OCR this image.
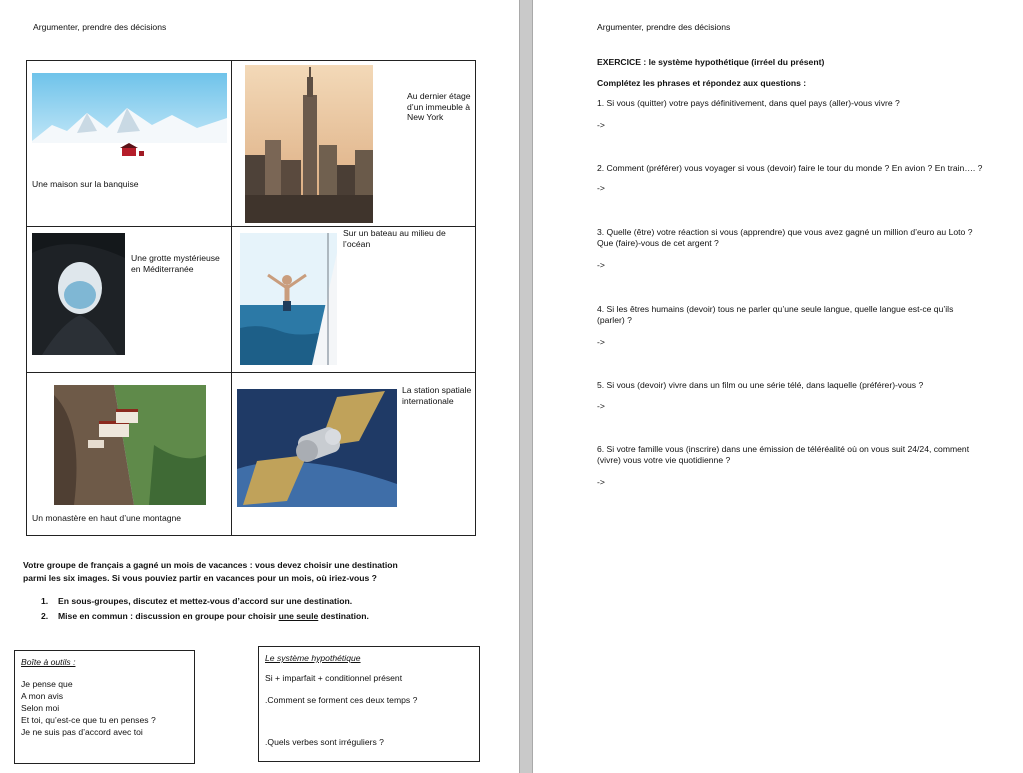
Argumenter, prendre des décisions
Une maison sur la banquise
Au dernier étage d’un immeuble à New York
Une grotte mystérieuse en Méditerranée
Sur un bateau au milieu de l’océan
Un monastère en haut d’une montagne
La station spatiale internationale
Votre groupe de français a gagné un mois de vacances : vous devez choisir une destination
parmi les six images. Si vous pouviez partir en vacances pour un mois, où iriez-vous ?
1. En sous-groupes, discutez et mettez-vous d’accord sur une destination.
2. Mise en commun : discussion en groupe pour choisir une seule destination.
Boîte à outils :
Je pense que
A mon avis
Selon moi
Et toi, qu’est-ce que tu en penses ?
Je ne suis pas d’accord avec toi
Le système hypothétique
Si + imparfait + conditionnel présent
.Comment se forment ces deux temps ?
.Quels verbes sont irréguliers ?
Argumenter, prendre des décisions
EXERCICE : le système hypothétique (irréel du présent)
Complétez les phrases et répondez aux questions :
1. Si vous (quitter) votre pays définitivement, dans quel pays (aller)-vous vivre ?
->
2. Comment (préférer) vous voyager si vous (devoir) faire le tour du monde ? En avion ? En train…. ?
->
3. Quelle (être) votre réaction si vous (apprendre) que vous avez gagné un million d’euro au Loto ?
Que (faire)-vous de cet argent ?
->
4. Si les êtres humains (devoir) tous ne parler qu’une seule langue, quelle langue est-ce qu’ils
(parler) ?
->
5. Si vous (devoir) vivre dans un film ou une série télé, dans laquelle (préférer)-vous ?
->
6. Si votre famille vous (inscrire) dans une émission de téléréalité où on vous suit 24/24, comment
(vivre) vous votre vie quotidienne ?
->
